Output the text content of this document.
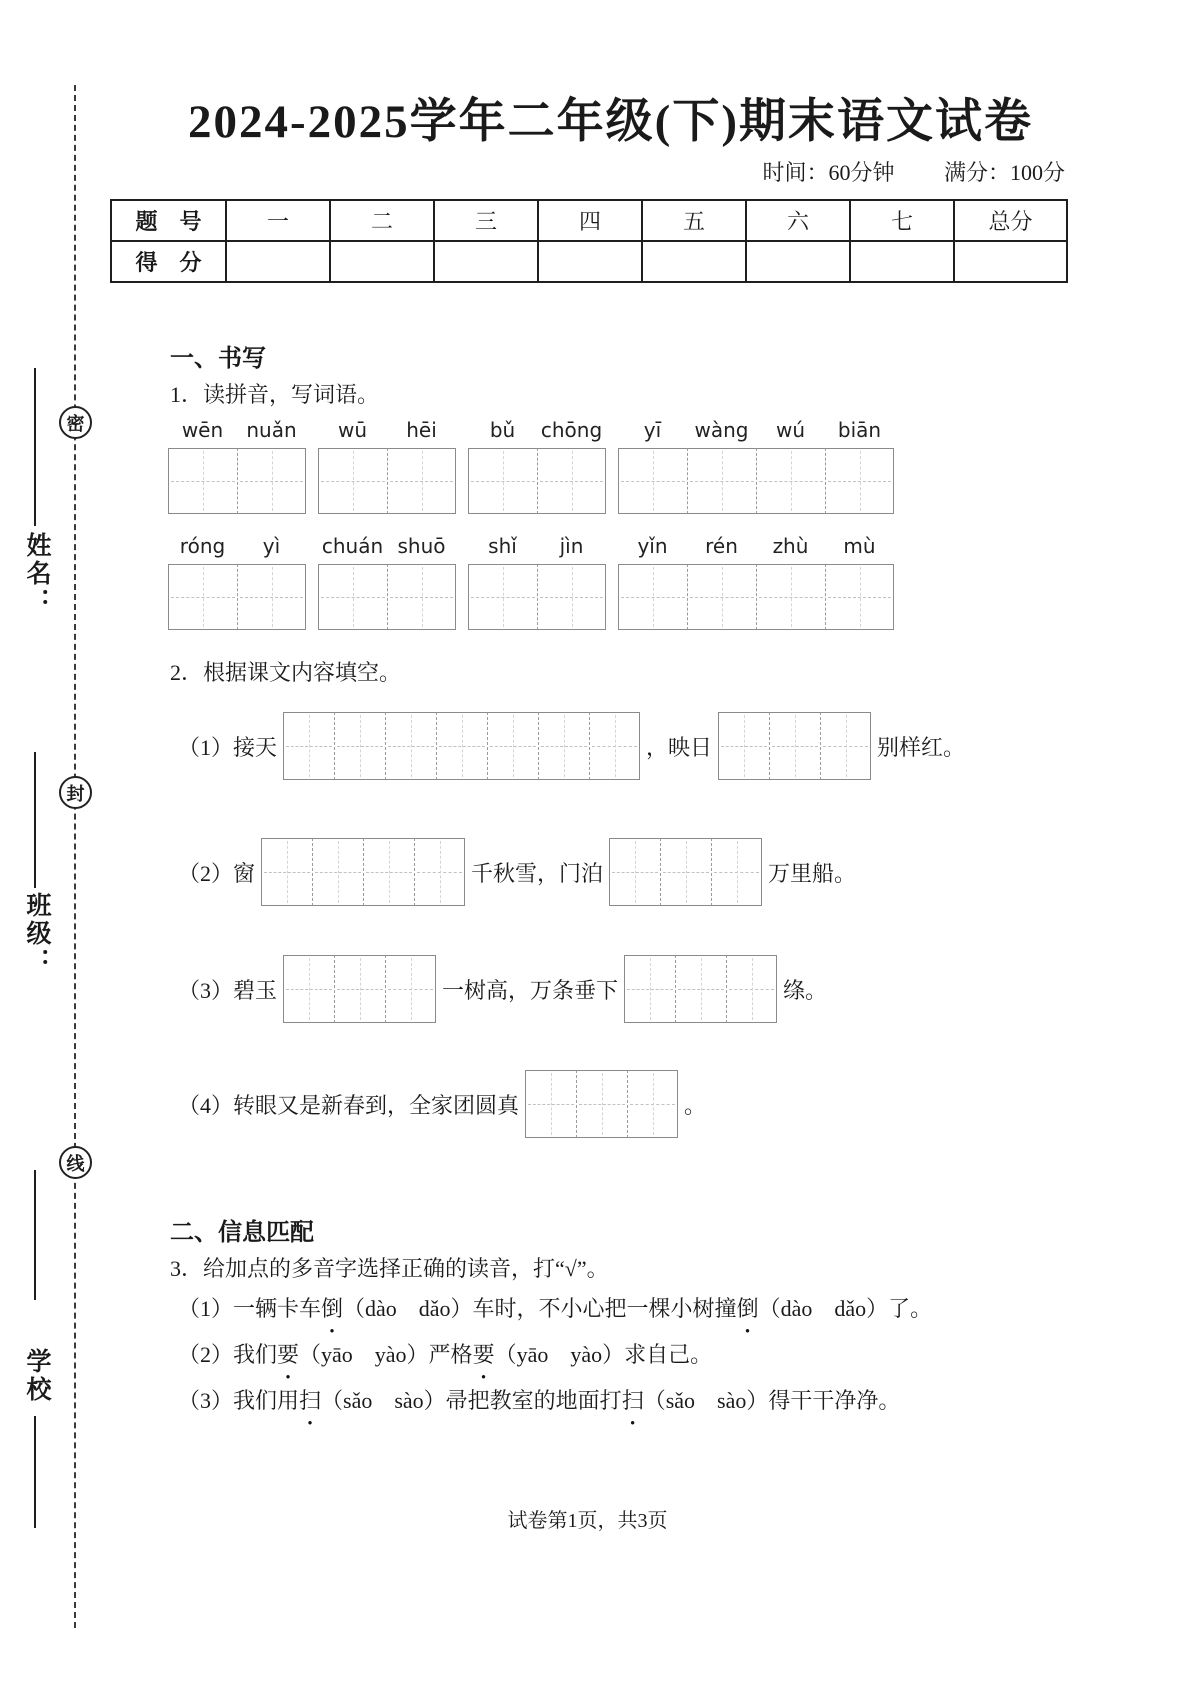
密
封
线
姓名：
班级：
学校
2024-2025学年二年级(下)期末语文试卷
时间：60分钟 满分：100分
题　号	一	二	三	四	五	六	七	总分
得　分								
一、书写
1．读拼音，写词语。
wēn	nuǎn	wū	hēi	bǔ	chōng	yī	wàng	wú	biān
róng	yì	chuán shuō	shǐ	jìn	yǐn	rén	zhù	mù
2．根据课文内容填空。
（1）接天	，映日	别样红。
（2）窗	千秋雪，门泊	万里船。
（3）碧玉	一树高，万条垂下	绦。
（4）转眼又是新春到，全家团圆真	。
二、信息匹配
3．给加点的多音字选择正确的读音，打“√”。
（1）一辆卡车倒 ●（dào　dǎo）车时，不小心把一棵小树撞倒 ●（dào　dǎo）了。
（2）我们要 ●（yāo　yào）严格要 ●（yāo　yào）求自己。
（3）我们用扫 ●（sǎo　sào）帚把教室的地面打扫 ●（sǎo　sào）得干干净净。
试卷第1页，共3页
